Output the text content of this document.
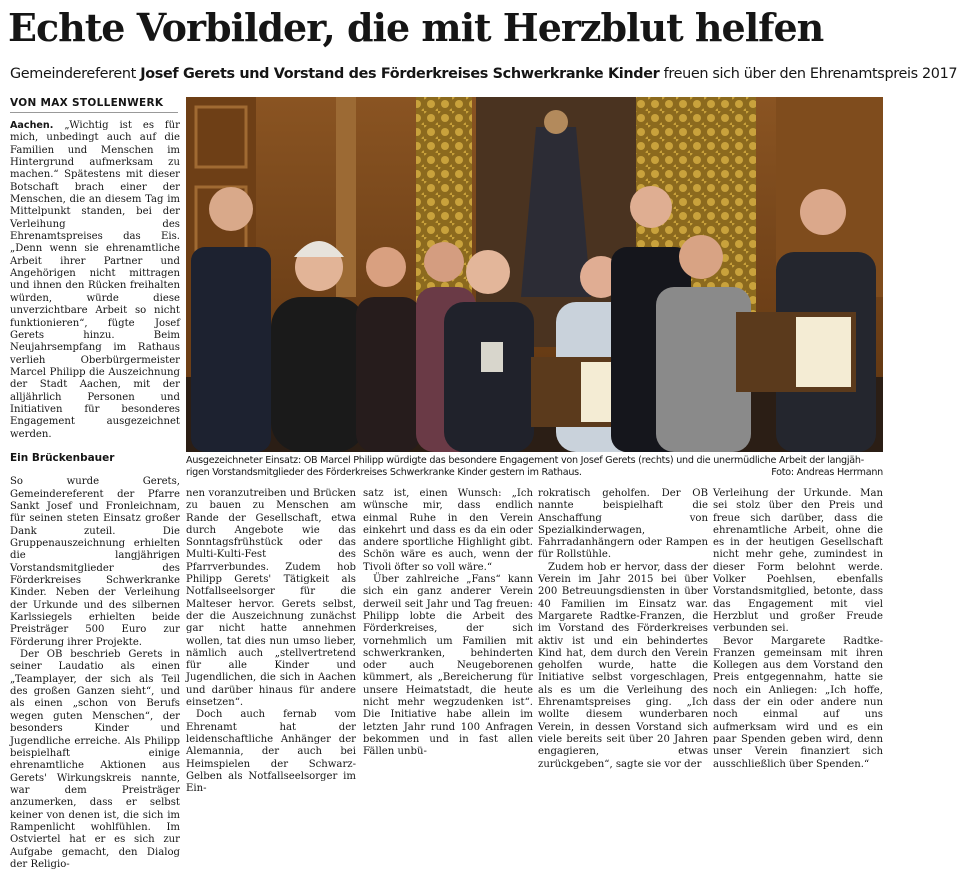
Echte Vorbilder, die mit Herzblut helfen

Gemeindereferent Josef Gerets und Vorstand des Förderkreises Schwerkranke Kinder freuen sich über den Ehrenamtspreis 2017

VON MAX STOLLENWERK

Aachen. „Wichtig ist es für mich, unbedingt auch auf die Familien und Menschen im Hintergrund aufmerksam zu machen.“ Spätestens mit dieser Botschaft brach einer der Menschen, die an diesem Tag im Mittelpunkt standen, bei der Verleihung des Ehrenamtspreises das Eis. „Denn wenn sie ehrenamtliche Arbeit ihrer Partner und Angehörigen nicht mittragen und ihnen den Rücken freihalten würden, würde diese unverzichtbare Arbeit so nicht funktionieren“, fügte Josef Gerets hinzu. Beim Neujahrsempfang im Rathaus verlieh Oberbürgermeister Marcel Philipp die Auszeichnung der Stadt Aachen, mit der alljährlich Personen und Initiativen für besonderes Engagement ausgezeichnet werden.

Ein Brückenbauer

So wurde Gerets, Gemeindereferent der Pfarre Sankt Josef und Fronleichnam, für seinen steten Einsatz großer Dank zuteil. Die Gruppenauszeichnung erhielten die langjährigen Vorstandsmitglieder des Förderkreises Schwerkranke Kinder. Neben der Verleihung der Urkunde und des silbernen Karlssiegels erhielten beide Preisträger 500 Euro zur Förderung ihrer Projekte.

Der OB beschrieb Gerets in seiner Laudatio als einen „Teamplayer, der sich als Teil des großen Ganzen sieht“, und als einen „schon von Berufs wegen guten Menschen“, der besonders Kinder und Jugendliche erreiche. Als Philipp beispielhaft einige ehrenamtliche Aktionen aus Gerets' Wirkungskreis nannte, war dem Preisträger anzumerken, dass er selbst keiner von denen ist, die sich im Rampenlicht wohlfühlen. Im Ostviertel hat er es sich zur Aufgabe gemacht, den Dialog der Religio-

Ausgezeichneter Einsatz: OB Marcel Philipp würdigte das besondere Engagement von Josef Gerets (rechts) und die unermüdliche Arbeit der langjäh-
rigen Vorstandsmitglieder des Förderkreises Schwerkranke Kinder gestern im Rathaus.	Foto: Andreas Herrmann

nen voranzutreiben und Brücken zu bauen zu Menschen am Rande der Gesellschaft, etwa durch Angebote wie das Sonntagsfrühstück oder das Multi-Kulti-Fest des Pfarrverbundes. Zudem hob Philipp Gerets' Tätigkeit als Notfallseelsorger für die Malteser hervor. Gerets selbst, der die Auszeichnung zunächst gar nicht hatte annehmen wollen, tat dies nun umso lieber, nämlich auch „stellvertretend für alle Kinder und Jugendlichen, die sich in Aachen und darüber hinaus für andere einsetzen“.

Doch auch fernab vom Ehrenamt hat der leidenschaftliche Anhänger der Alemannia, der auch bei Heimspielen der Schwarz-Gelben als Notfallseelsorger im Ein-

satz ist, einen Wunsch: „Ich wünsche mir, dass endlich einmal Ruhe in den Verein einkehrt und dass es da ein oder andere sportliche Highlight gibt. Schön wäre es auch, wenn der Tivoli öfter so voll wäre.“

Über zahlreiche „Fans“ kann sich ein ganz anderer Verein derweil seit Jahr und Tag freuen: Philipp lobte die Arbeit des Förderkreises, der sich vornehmlich um Familien mit schwerkranken, behinderten oder auch Neugeborenen kümmert, als „Bereicherung für unsere Heimatstadt, die heute nicht mehr wegzudenken ist“. Die Initiative habe allein im letzten Jahr rund 100 Anfragen bekommen und in fast allen Fällen unbü-

rokratisch geholfen. Der OB nannte beispielhaft die Anschaffung von Spezialkinderwagen, Fahrradanhängern oder Rampen für Rollstühle.

Zudem hob er hervor, dass der Verein im Jahr 2015 bei über 200 Betreuungsdiensten in über 40 Familien im Einsatz war. Margarete Radtke-Franzen, die im Vorstand des Förderkreises aktiv ist und ein behindertes Kind hat, dem durch den Verein geholfen wurde, hatte die Initiative selbst vorgeschlagen, als es um die Verleihung des Ehrenamtspreises ging. „Ich wollte diesem wunderbaren Verein, in dessen Vorstand sich viele bereits seit über 20 Jahren engagieren, etwas zurückgeben“, sagte sie vor der

Verleihung der Urkunde. Man sei stolz über den Preis und freue sich darüber, dass die ehrenamtliche Arbeit, ohne die es in der heutigen Gesellschaft nicht mehr gehe, zumindest in dieser Form belohnt werde. Volker Poehlsen, ebenfalls Vorstandsmitglied, betonte, dass das Engagement mit viel Herzblut und großer Freude verbunden sei.

Bevor Margarete Radtke-Franzen gemeinsam mit ihren Kollegen aus dem Vorstand den Preis entgegennahm, hatte sie noch ein Anliegen: „Ich hoffe, dass der ein oder andere nun noch einmal auf uns aufmerksam wird und es ein paar Spenden geben wird, denn unser Verein finanziert sich ausschließlich über Spenden.“
